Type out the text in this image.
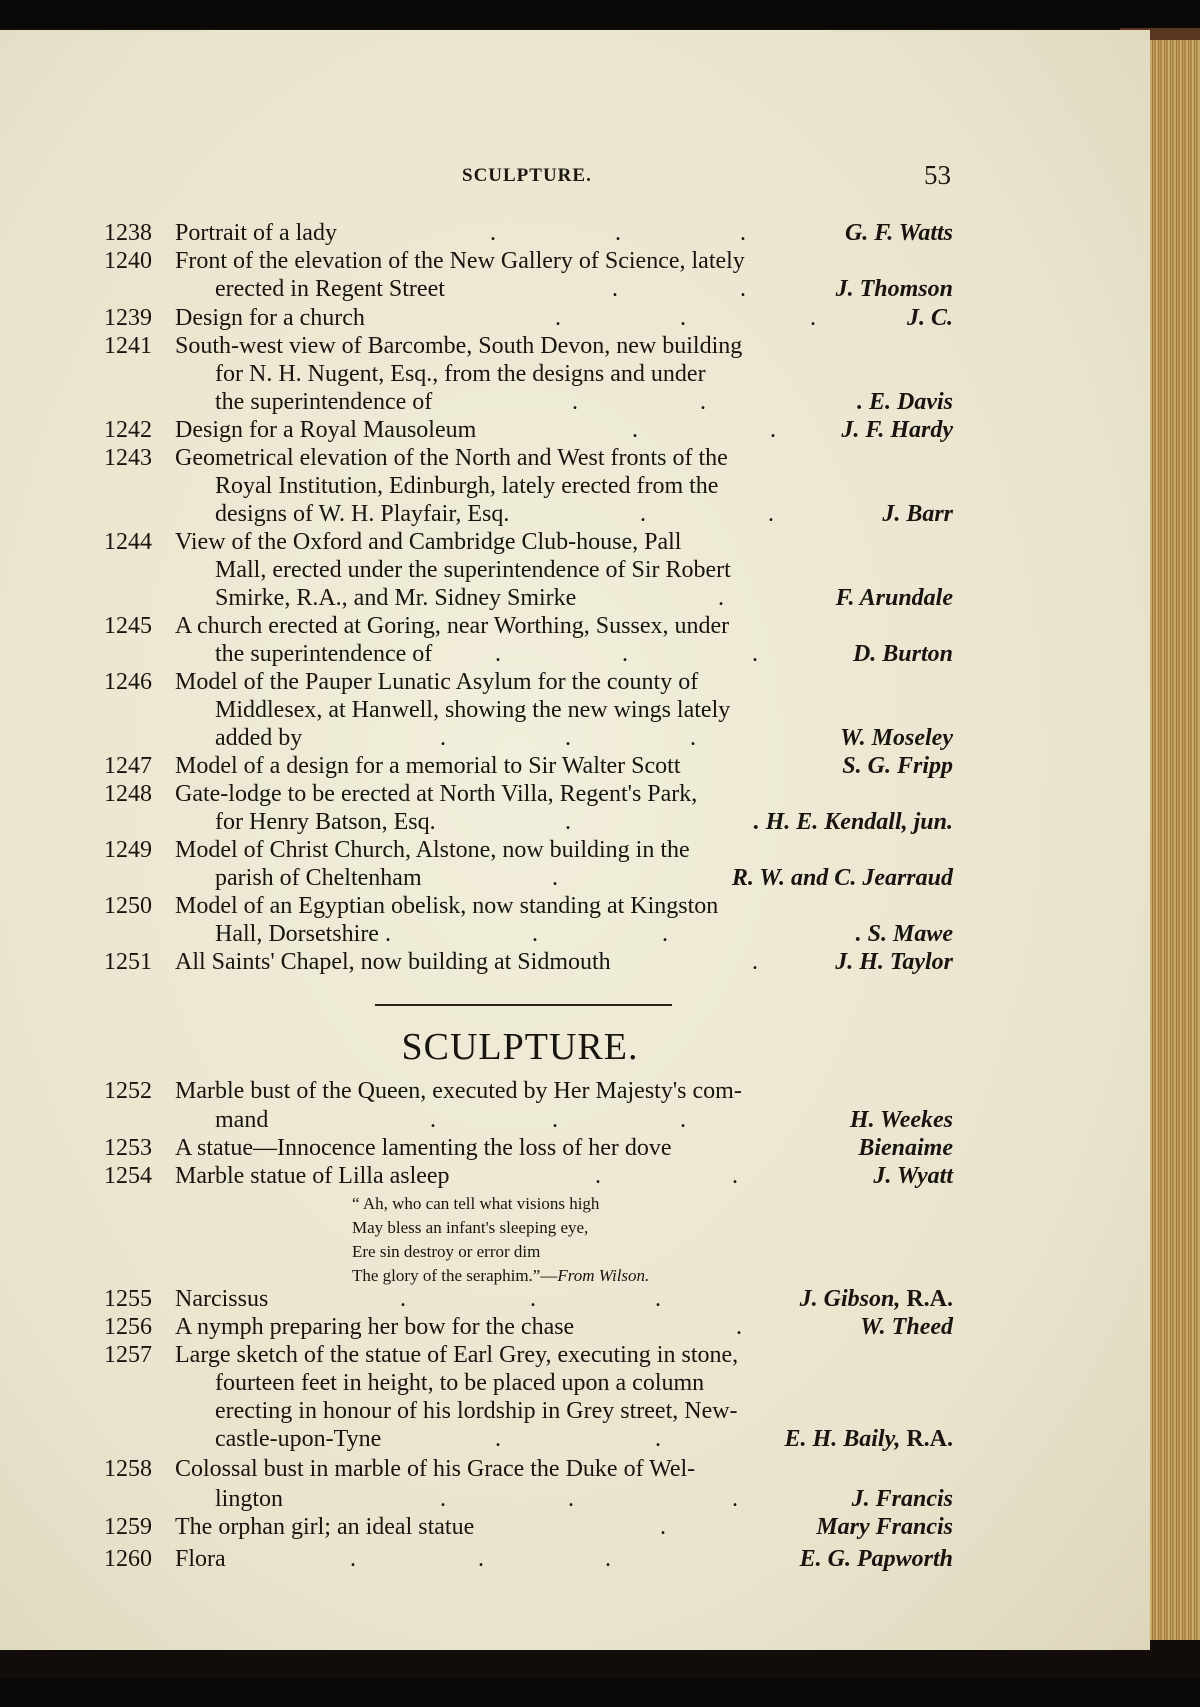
SCULPTURE.	53
1238 Portrait of a lady	.	.	.	G. F. Watts
1240 Front of the elevation of the New Gallery of Science, lately
erected in Regent Street	.	.	J. Thomson
1239 Design for a church	.	.	.	J. C.
1241 South-west view of Barcombe, South Devon, new building
for N. H. Nugent, Esq., from the designs and under
the superintendence of	.	.	. E. Davis
1242 Design for a Royal Mausoleum	.	.	J. F. Hardy
1243 Geometrical elevation of the North and West fronts of the
Royal Institution, Edinburgh, lately erected from the
designs of W. H. Playfair, Esq.	.	.	J. Barr
1244 View of the Oxford and Cambridge Club-house, Pall
Mall, erected under the superintendence of Sir Robert
Smirke, R.A., and Mr. Sidney Smirke	.	F. Arundale
1245 A church erected at Goring, near Worthing, Sussex, under
the superintendence of	.	.	.	D. Burton
1246 Model of the Pauper Lunatic Asylum for the county of
Middlesex, at Hanwell, showing the new wings lately
added by	.	.	.	W. Moseley
1247 Model of a design for a memorial to Sir Walter Scott	S. G. Fripp
1248 Gate-lodge to be erected at North Villa, Regent's Park,
for Henry Batson, Esq.	.	. H. E. Kendall, jun.
1249 Model of Christ Church, Alstone, now building in the
parish of Cheltenham	.	R. W. and C. Jearraud
1250 Model of an Egyptian obelisk, now standing at Kingston
Hall, Dorsetshire .	.	.	. S. Mawe
1251 All Saints' Chapel, now building at Sidmouth	.	J. H. Taylor
SCULPTURE.
1252 Marble bust of the Queen, executed by Her Majesty's com-
mand	.	.	.	H. Weekes
1253 A statue—Innocence lamenting the loss of her dove	Bienaime
1254 Marble statue of Lilla asleep	.	.	J. Wyatt
1255 Narcissus	.	.	.	J. Gibson, R.A.
1256 A nymph preparing her bow for the chase	.	W. Theed
1257 Large sketch of the statue of Earl Grey, executing in stone,
fourteen feet in height, to be placed upon a column
erecting in honour of his lordship in Grey street, New-
castle-upon-Tyne	.	.	E. H. Baily, R.A.
1258 Colossal bust in marble of his Grace the Duke of Wel-
lington	.	.	.	J. Francis
1259 The orphan girl; an ideal statue	.	Mary Francis
1260 Flora	.	.	.	E. G. Papworth
“ Ah, who can tell what visions high
May bless an infant's sleeping eye,
Ere sin destroy or error dim
The glory of the seraphim.”—From Wilson.
